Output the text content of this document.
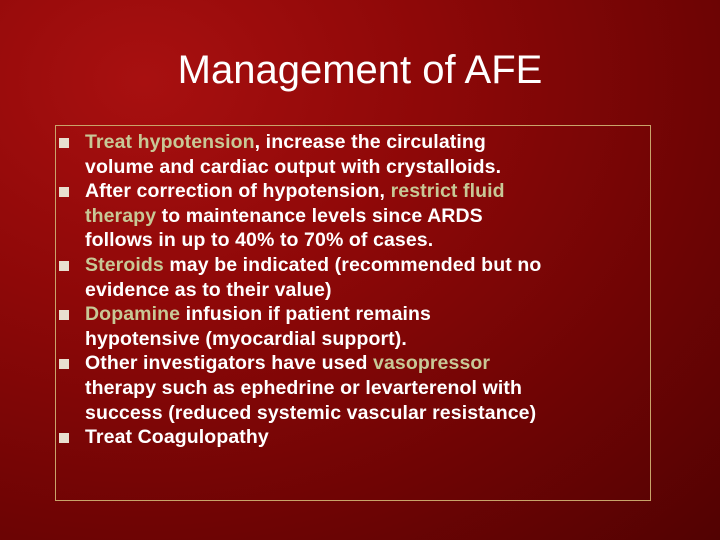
Management of AFE
Treat hypotension, increase the circulating
volume and cardiac output with crystalloids.
After correction of hypotension, restrict fluid
therapy to maintenance levels since ARDS
follows in up to 40% to 70% of cases.
Steroids may be indicated (recommended but no
evidence as to their value)
Dopamine infusion if patient remains
hypotensive (myocardial support).
Other investigators have used vasopressor
therapy such as ephedrine or levarterenol with
success (reduced systemic vascular resistance)
Treat Coagulopathy
